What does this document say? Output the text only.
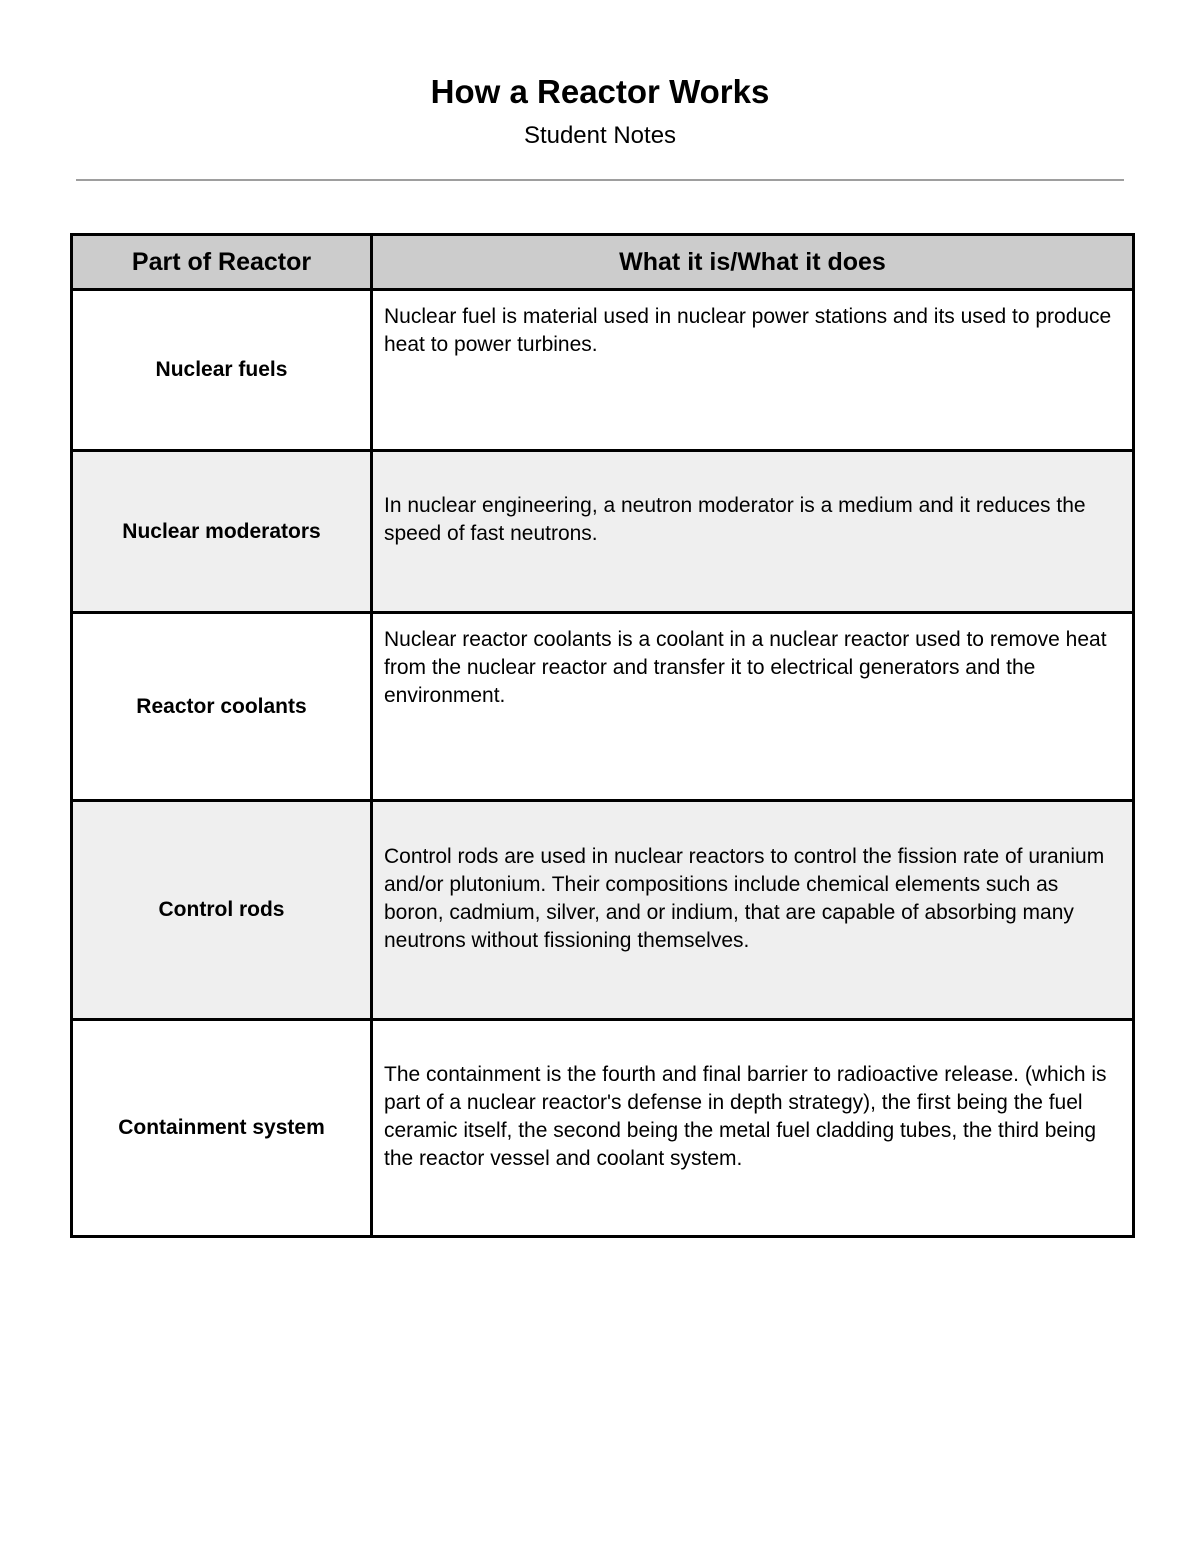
How a Reactor Works
Student Notes
Part of Reactor	What it is/What it does
Nuclear fuels	Nuclear fuel is material used in nuclear power stations and its used to produce heat to power turbines.

Nuclear moderators	In nuclear engineering, a neutron moderator is a medium and it reduces the speed of fast neutrons.

Reactor coolants	Nuclear reactor coolants is a coolant in a nuclear reactor used to remove heat from the nuclear reactor and transfer it to electrical generators and the environment.

Control rods	Control rods are used in nuclear reactors to control the fission rate of uranium and/or plutonium. Their compositions include chemical elements such as boron, cadmium, silver, and or indium, that are capable of absorbing many neutrons without fissioning themselves.

Containment system	The containment is the fourth and final barrier to radioactive release. (which is part of a nuclear reactor's defense in depth strategy), the first being the fuel ceramic itself, the second being the metal fuel cladding tubes, the third being the reactor vessel and coolant system.
